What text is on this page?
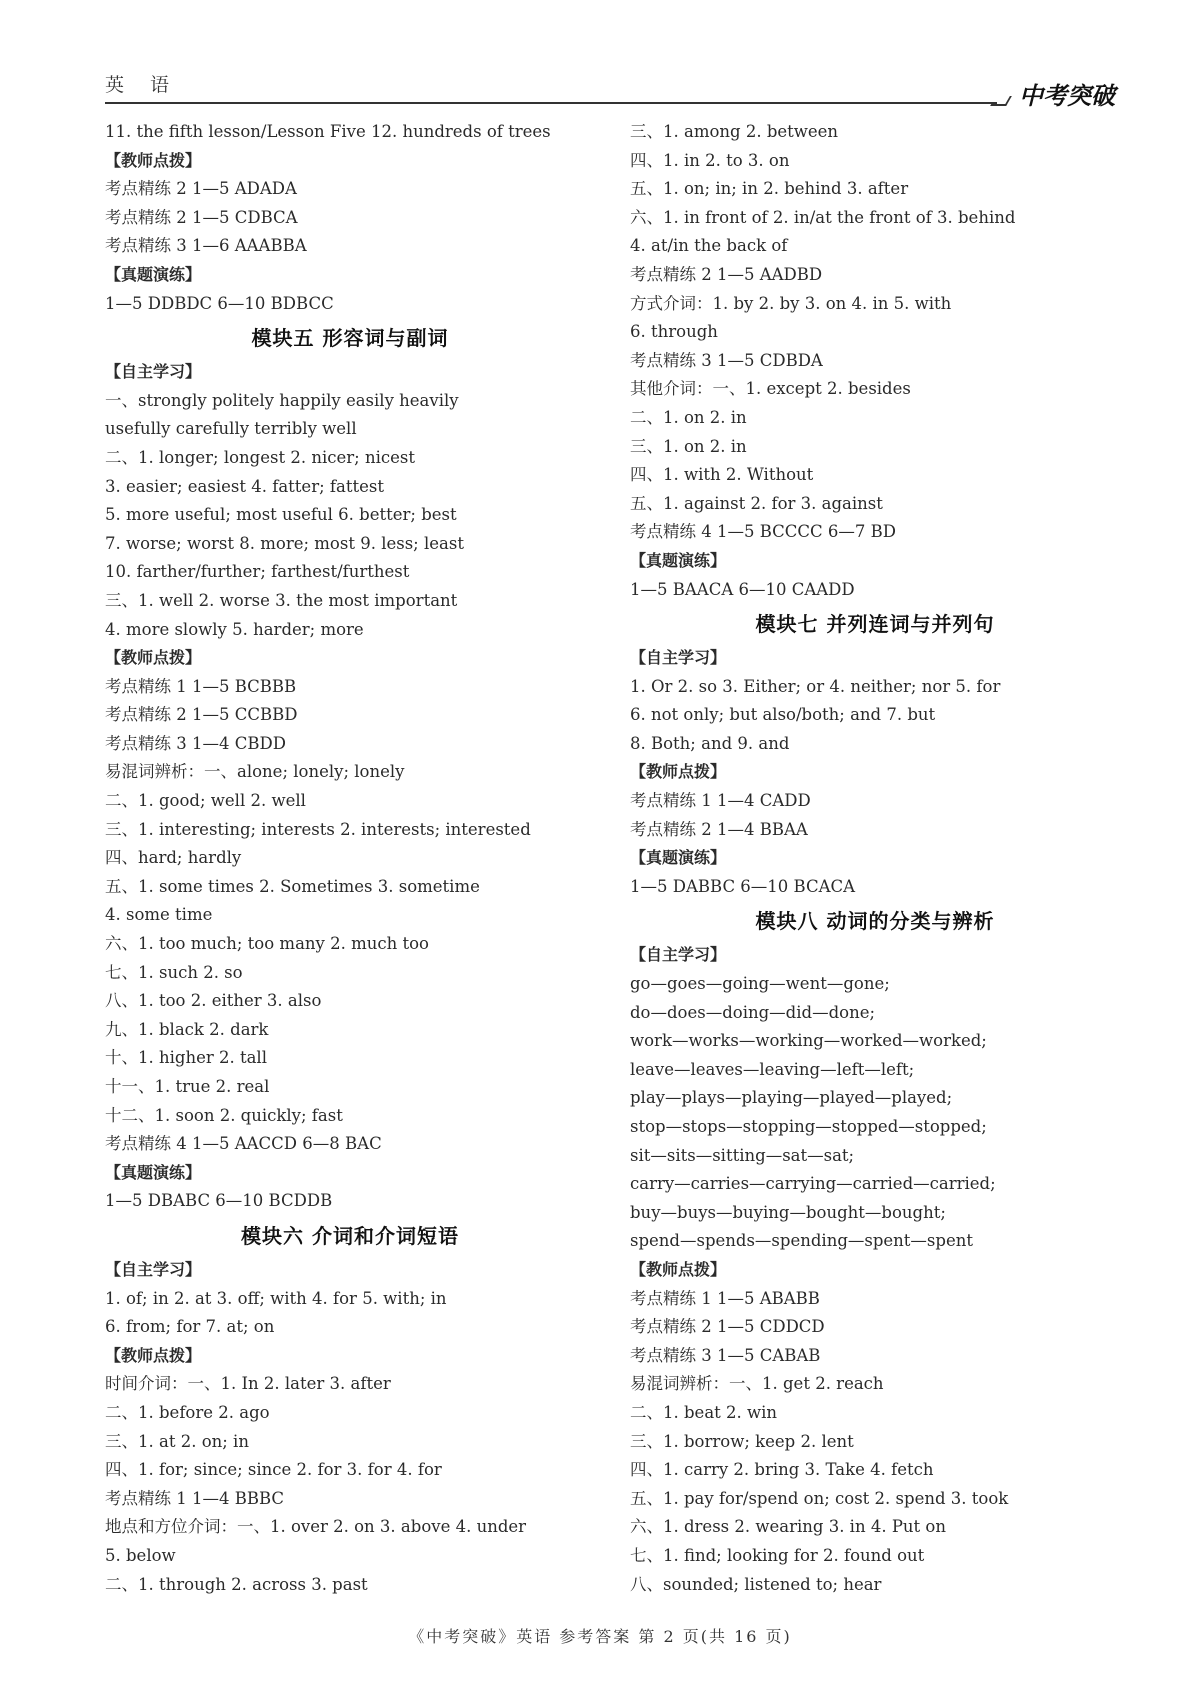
英 语	中考突破
11. the fifth lesson/Lesson Five 12. hundreds of trees
【教师点拨】
考点精练 2 1—5 ADADA
考点精练 2 1—5 CDBCA
考点精练 3 1—6 AAABBA
【真题演练】
1—5 DDBDC 6—10 BDBCC
模块五 形容词与副词
【自主学习】
一、strongly politely happily easily heavily
usefully carefully terribly well
二、1. longer; longest 2. nicer; nicest
3. easier; easiest 4. fatter; fattest
5. more useful; most useful 6. better; best
7. worse; worst 8. more; most 9. less; least
10. farther/further; farthest/furthest
三、1. well 2. worse 3. the most important
4. more slowly 5. harder; more
【教师点拨】
考点精练 1 1—5 BCBBB
考点精练 2 1—5 CCBBD
考点精练 3 1—4 CBDD
易混词辨析：一、alone; lonely; lonely
二、1. good; well 2. well
三、1. interesting; interests 2. interests; interested
四、hard; hardly
五、1. some times 2. Sometimes 3. sometime
4. some time
六、1. too much; too many 2. much too
七、1. such 2. so
八、1. too 2. either 3. also
九、1. black 2. dark
十、1. higher 2. tall
十一、1. true 2. real
十二、1. soon 2. quickly; fast
考点精练 4 1—5 AACCD 6—8 BAC
【真题演练】
1—5 DBABC 6—10 BCDDB
模块六 介词和介词短语
【自主学习】
1. of; in 2. at 3. off; with 4. for 5. with; in
6. from; for 7. at; on
【教师点拨】
时间介词：一、1. In 2. later 3. after
二、1. before 2. ago
三、1. at 2. on; in
四、1. for; since; since 2. for 3. for 4. for
考点精练 1 1—4 BBBC
地点和方位介词：一、1. over 2. on 3. above 4. under
5. below
二、1. through 2. across 3. past
三、1. among 2. between
四、1. in 2. to 3. on
五、1. on; in; in 2. behind 3. after
六、1. in front of 2. in/at the front of 3. behind
4. at/in the back of
考点精练 2 1—5 AADBD
方式介词：1. by 2. by 3. on 4. in 5. with
6. through
考点精练 3 1—5 CDBDA
其他介词：一、1. except 2. besides
二、1. on 2. in
三、1. on 2. in
四、1. with 2. Without
五、1. against 2. for 3. against
考点精练 4 1—5 BCCCC 6—7 BD
【真题演练】
1—5 BAACA 6—10 CAADD
模块七 并列连词与并列句
【自主学习】
1. Or 2. so 3. Either; or 4. neither; nor 5. for
6. not only; but also/both; and 7. but
8. Both; and 9. and
【教师点拨】
考点精练 1 1—4 CADD
考点精练 2 1—4 BBAA
【真题演练】
1—5 DABBC 6—10 BCACA
模块八 动词的分类与辨析
【自主学习】
go—goes—going—went—gone;
do—does—doing—did—done;
work—works—working—worked—worked;
leave—leaves—leaving—left—left;
play—plays—playing—played—played;
stop—stops—stopping—stopped—stopped;
sit—sits—sitting—sat—sat;
carry—carries—carrying—carried—carried;
buy—buys—buying—bought—bought;
spend—spends—spending—spent—spent
【教师点拨】
考点精练 1 1—5 ABABB
考点精练 2 1—5 CDDCD
考点精练 3 1—5 CABAB
易混词辨析：一、1. get 2. reach
二、1. beat 2. win
三、1. borrow; keep 2. lent
四、1. carry 2. bring 3. Take 4. fetch
五、1. pay for/spend on; cost 2. spend 3. took
六、1. dress 2. wearing 3. in 4. Put on
七、1. find; looking for 2. found out
八、sounded; listened to; hear
《中考突破》英语 参考答案 第 2 页(共 16 页)
